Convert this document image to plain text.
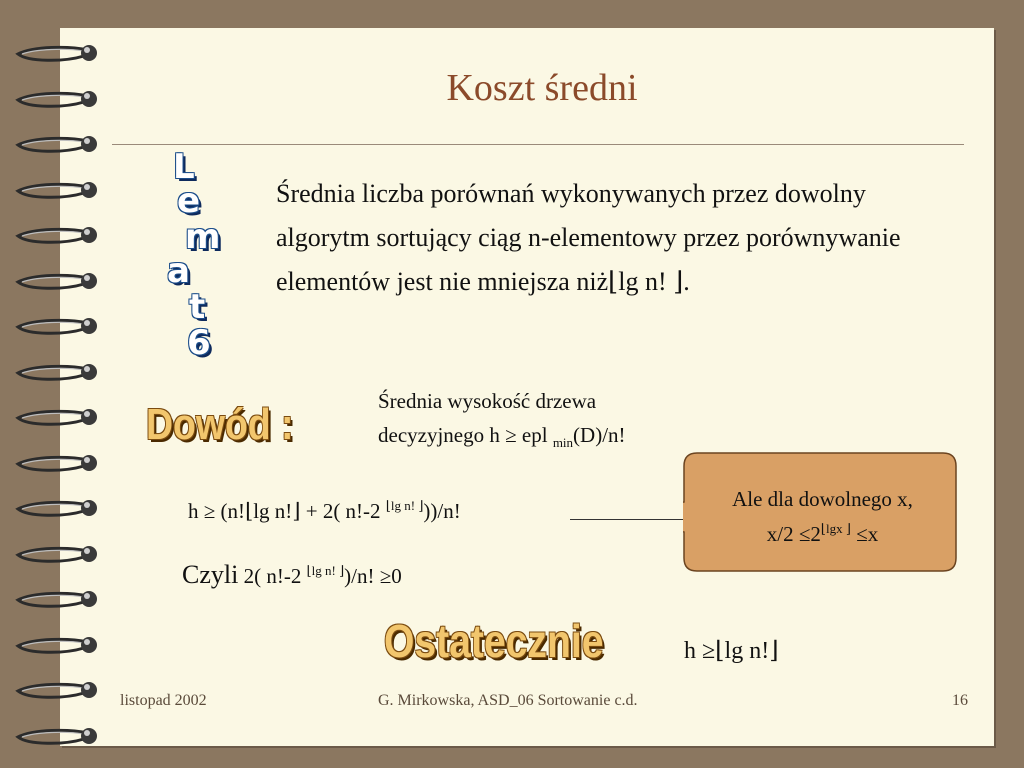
Koszt średni
L
e
m
a
t
6
Średnia liczba porównań wykonywanych przez dowolny algorytm sortujący ciąg n-elementowy przez porównywanie elementów jest nie mniejsza niż⌊lg n! ⌋.
Dowód :	Średnia wysokość drzewa
decyzyjnego h ≥ epl $_{min}$(D)/n!
h ≥ (n!⌊lg n!⌋ + 2( n!-2 $^{⌊lg n! ⌋}$))/n!
Czyli 2( n!-2 $^{⌊lg n! ⌋}$)/n! ≥0
Ale dla dowolnego x,
$x/2 \le 2^{⌊lgx ⌋} \le x$
Ostatecznie	h ≥⌊lg n!⌋
listopad 2002	G. Mirkowska, ASD_06 Sortowanie c.d.	16
